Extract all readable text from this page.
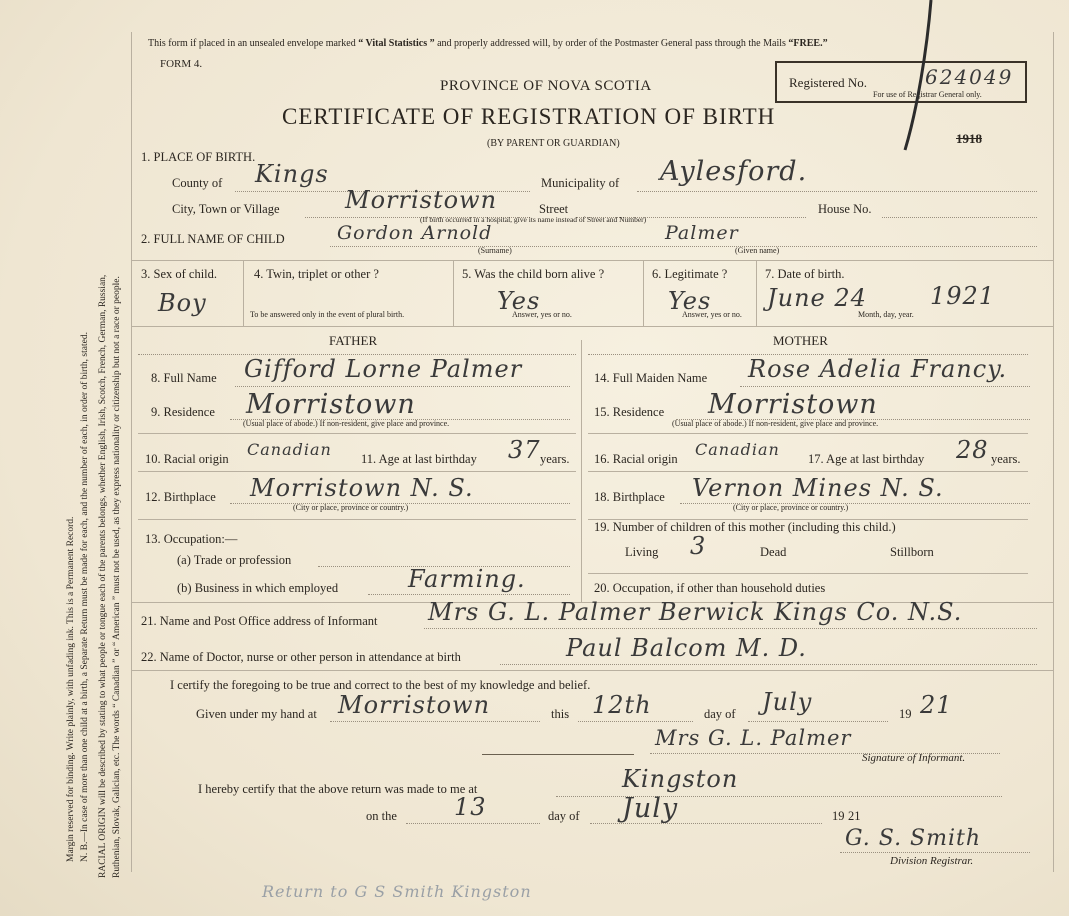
Margin reserved for binding. Write plainly, with unfading ink. This is a Permanent Record. N. B.—In case of more than one child at a birth, a Separate Return must be made for each, and the number of each, in order of birth, stated. RACIAL ORIGIN will be described by stating to what people or tongue each of the parents belongs, whether English, Irish, Scotch, French, German, Russian, Ruthenian, Slovak, Galician, etc. The words “ Canadian ” or “ American ” must not be used, as they express nationality or citizenship but not a race or people.
This form if placed in an unsealed envelope marked “ Vital Statistics ” and properly addressed will, by order of the Postmaster General pass through the Mails “FREE.”
FORM 4.
PROVINCE OF NOVA SCOTIA
CERTIFICATE OF REGISTRATION OF BIRTH
(BY PARENT OR GUARDIAN)
Registered No.	624049
For use of Registrar General only.
1918
1. PLACE OF BIRTH.
County of Kings	Municipality of Aylesford.
City, Town or Village	Morristown	Street	House No.
(If birth occurred in a hospital, give its name instead of Street and Number)
2. FULL NAME OF CHILD	Gordon Arnold	Palmer
(Surname)	(Given name)
3. Sex of child.
Boy
4. Twin, triplet or other ?
To be answered only in the event of plural birth.
5. Was the child born alive ?
Yes
Answer, yes or no.
6. Legitimate ?
Yes
Answer, yes or no.
7. Date of birth.
June 24	1921
Month, day, year.
FATHER	MOTHER
8. Full Name Gifford Lorne Palmer
9. Residence Morristown
(Usual place of abode.) If non-resident, give place and province.
10. Racial origin Canadian 11. Age at last birthday 37 years.
12. Birthplace Morristown N. S.
(City or place, province or country.)
13. Occupation:—
(a) Trade or profession
(b) Business in which employed	Farming.
14. Full Maiden Name Rose Adelia Francy.
15. Residence Morristown
(Usual place of abode.) If non-resident, give place and province.
16. Racial origin Canadian 17. Age at last birthday 28 years.
18. Birthplace Vernon Mines N. S.
(City or place, province or country.)
19. Number of children of this mother (including this child.)
Living 3	Dead	Stillborn
20. Occupation, if other than household duties
21. Name and Post Office address of Informant Mrs G. L. Palmer Berwick Kings Co. N.S.
22. Name of Doctor, nurse or other person in attendance at birth	Paul Balcom M. D.
I certify the foregoing to be true and correct to the best of my knowledge and belief.
Given under my hand at Morristown	this 12th	day of July	19 21
Mrs G. L. Palmer
Signature of Informant.
I hereby certify that the above return was made to me at	Kingston
on the 13	day of July	19 21
G. S. Smith
Division Registrar.
Return to G S Smith Kingston
